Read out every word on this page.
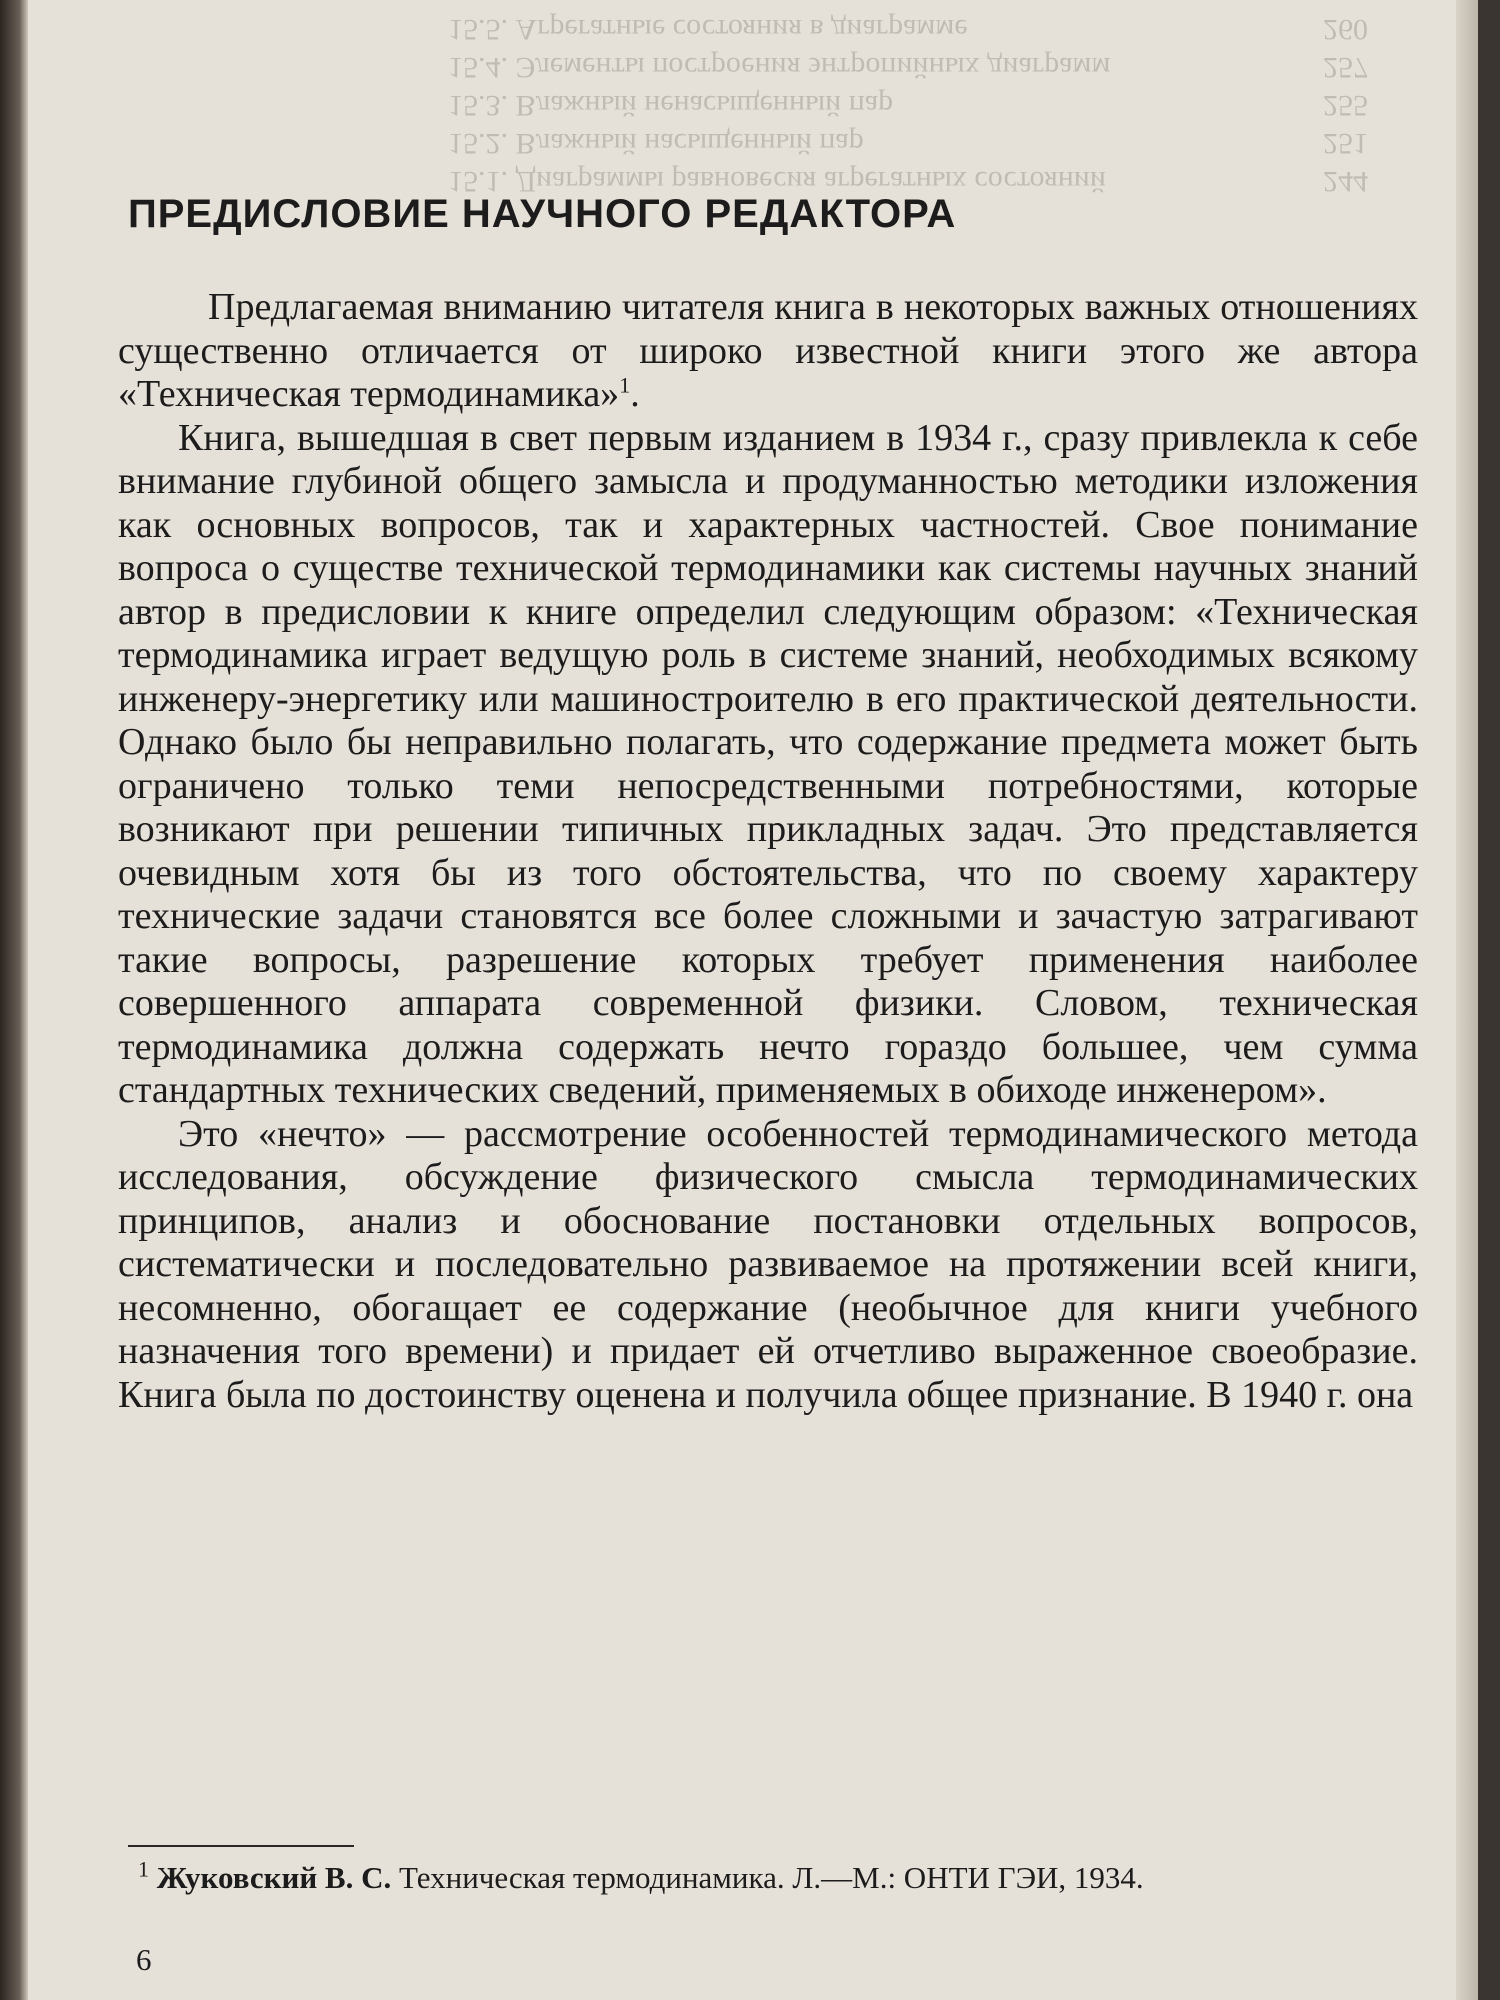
15.1. Диаграммы равновесия агрегатных состояний	244
15.2. Влажный насыщенный пар	251
15.3. Влажный ненасыщенный пар	255
15.4. Элементы построения энтропийных диаграмм	257
15.5. Агрегатные состояния в диаграмме	260
ПРЕДИСЛОВИЕ НАУЧНОГО РЕДАКТОРА

Предлагаемая вниманию читателя книга в некоторых важных отношениях существенно отличается от широко известной книги этого же автора «Техническая термодинамика»$^1$.

Книга, вышедшая в свет первым изданием в 1934 г., сразу привлекла к себе внимание глубиной общего замысла и продуманностью методики изложения как основных вопросов, так и характерных частностей. Свое понимание вопроса о существе технической термодинамики как системы научных знаний автор в предисловии к книге определил следующим образом: «Техническая термодинамика играет ведущую роль в системе знаний, необходимых всякому инженеру-энергетику или машиностроителю в его практической деятельности. Однако было бы неправильно полагать, что содержание предмета может быть ограничено только теми непосредственными потребностями, которые возникают при решении типичных прикладных задач. Это представляется очевидным хотя бы из того обстоятельства, что по своему характеру технические задачи становятся все более сложными и зачастую затрагивают такие вопросы, разрешение которых требует применения наиболее совершенного аппарата современной физики. Словом, техническая термодинамика должна содержать нечто гораздо большее, чем сумма стандартных технических сведений, применяемых в обиходе инженером».

Это «нечто» — рассмотрение особенностей термодинамического метода исследования, обсуждение физического смысла термодинамических принципов, анализ и обоснование постановки отдельных вопросов, систематически и последовательно развиваемое на протяжении всей книги, несомненно, обогащает ее содержание (необычное для книги учебного назначения того времени) и придает ей отчетливо выраженное своеобразие. Книга была по достоинству оценена и получила общее признание. В 1940 г. она

$^1$ Жуковский В. С. Техническая термодинамика. Л.—М.: ОНТИ ГЭИ, 1934.

6
